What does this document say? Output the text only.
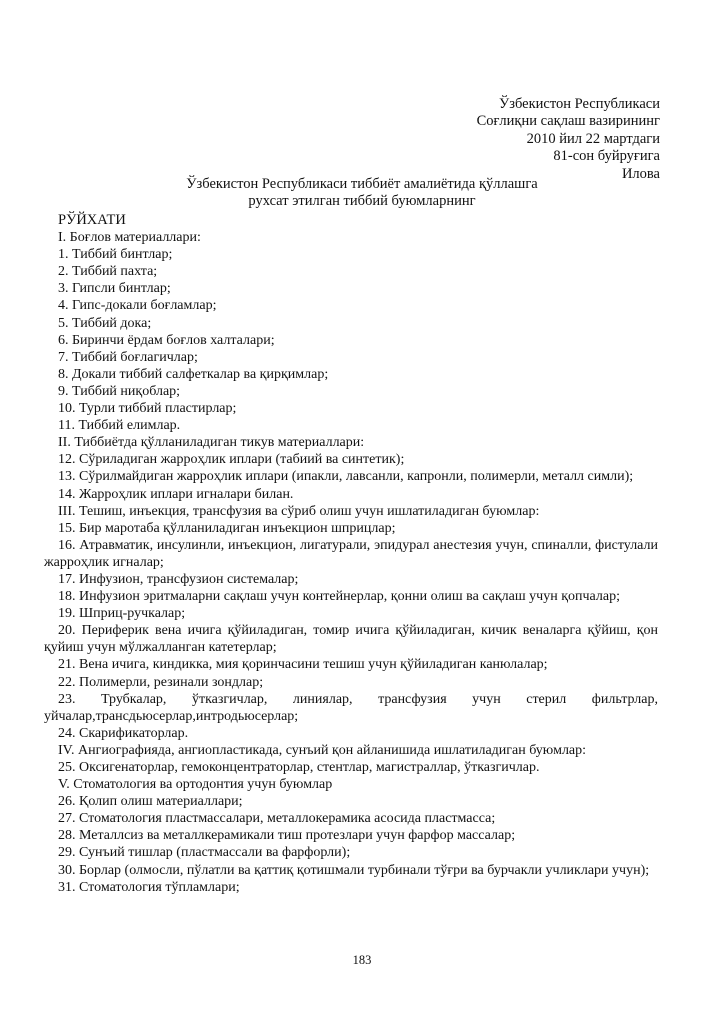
Ўзбекистон Республикаси
Соғлиқни сақлаш вазирининг
2010 йил 22 мартдаги
81-сон буйруғига
Илова
Ўзбекистон Республикаси тиббиёт амалиётида қўллашга
рухсат этилган тиббий буюмларнинг
РЎЙХАТИ
I. Боғлов материаллари:
1. Тиббий бинтлар;
2. Тиббий пахта;
3. Гипсли бинтлар;
4. Гипс-докали боғламлар;
5. Тиббий дока;
6. Биринчи ёрдам боғлов халталари;
7. Тиббий боғлагичлар;
8. Докали тиббий салфеткалар ва қирқимлар;
9. Тиббий ниқоблар;
10. Турли тиббий пластирлар;
11. Тиббий елимлар.
II. Тиббиётда қўлланиладиган тикув материаллари:
12. Сўриладиган жарроҳлик иплари (табиий ва синтетик);
13. Сўрилмайдиган жарроҳлик иплари (ипакли, лавсанли, капронли, полимерли, металл симли);
14. Жарроҳлик иплари игналари билан.
III. Тешиш, инъекция, трансфузия ва сўриб олиш учун ишлатиладиган буюмлар:
15. Бир маротаба қўлланиладиган инъекцион шприцлар;
16. Атравматик, инсулинли, инъекцион, лигатурали, эпидурал анестезия учун, спиналли, фистулали жарроҳлик игналар;
17. Инфузион, трансфузион системалар;
18. Инфузион эритмаларни сақлаш учун контейнерлар, қонни олиш ва сақлаш учун қопчалар;
19. Шприц-ручкалар;
20. Периферик вена ичига қўйиладиган, томир ичига қўйиладиган, кичик веналарга қўйиш, қон қуйиш учун мўлжалланган катетерлар;
21. Вена ичига, киндикка, мия қоринчасини тешиш учун қўйиладиган канюлалар;
22. Полимерли, резинали зондлар;
23. Трубкалар, ўтказгичлар, линиялар, трансфузия учун стерил фильтрлар, уйчалар,трансдьюсерлар,интродьюсерлар;
24. Скарификаторлар.
IV. Ангиографияда, ангиопластикада, сунъий қон айланишида ишлатиладиган буюмлар:
25. Оксигенаторлар, гемоконцентраторлар, стентлар, магистраллар, ўтказгичлар.
V. Стоматология ва ортодонтия учун буюмлар
26. Қолип олиш материаллари;
27. Стоматология пластмассалари, металлокерамика асосида пластмасса;
28. Металлсиз ва металлкерамикали тиш протезлари учун фарфор массалар;
29. Сунъий тишлар (пластмассали ва фарфорли);
30. Борлар (олмосли, пўлатли ва қаттиқ қотишмали турбинали тўғри ва бурчакли учликлари учун);
31. Стоматология тўпламлари;
183
